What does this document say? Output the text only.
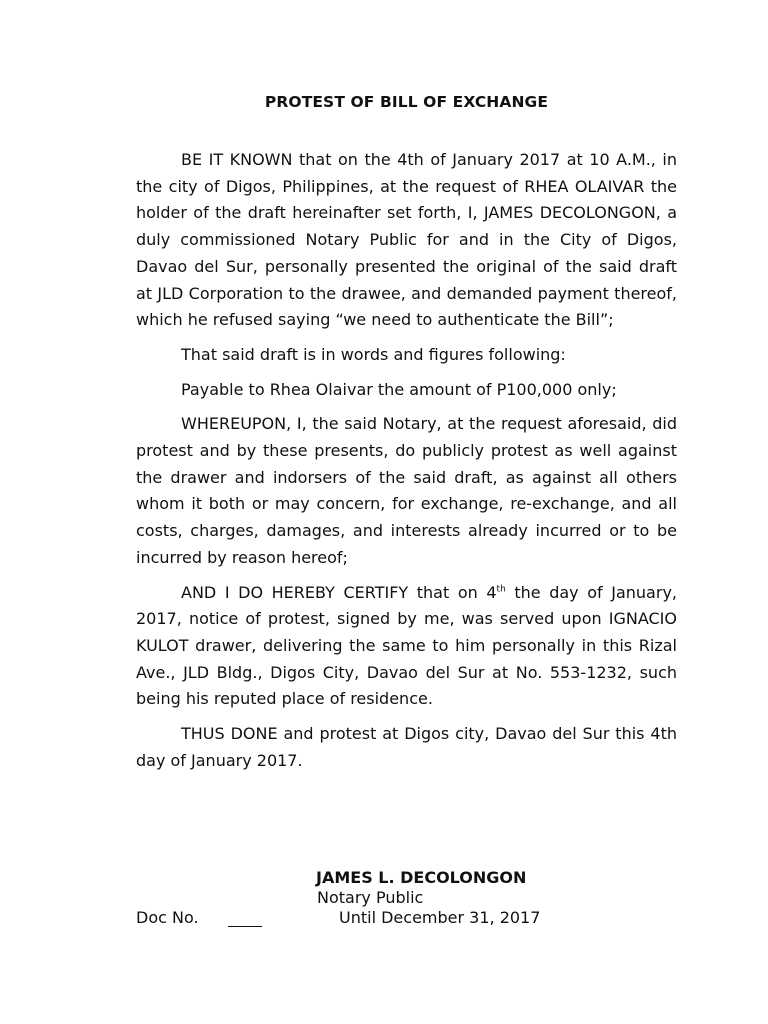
PROTEST OF BILL OF EXCHANGE

BE IT KNOWN that on the 4th of January 2017 at 10 A.M., in the city of Digos, Philippines, at the request of RHEA OLAIVAR the holder of the draft hereinafter set forth, I, JAMES DECOLONGON, a duly commissioned Notary Public for and in the City of Digos, Davao del Sur, personally presented the original of the said draft at JLD Corporation to the drawee, and demanded payment thereof, which he refused saying “we need to authenticate the Bill”;

That said draft is in words and figures following:

Payable to Rhea Olaivar the amount of P100,000 only;

WHEREUPON, I, the said Notary, at the request aforesaid, did protest and by these presents, do publicly protest as well against the drawer and indorsers of the said draft, as against all others whom it both or may concern, for exchange, re-exchange, and all costs, charges, damages, and interests already incurred or to be incurred by reason hereof;

AND I DO HEREBY CERTIFY that on 4th the day of January, 2017, notice of protest, signed by me, was served upon IGNACIO KULOT drawer, delivering the same to him personally in this Rizal Ave., JLD Bldg., Digos City, Davao del Sur at No. 553-1232, such being his reputed place of residence.

THUS DONE and protest at Digos city, Davao del Sur this 4th day of January 2017.

JAMES L. DECOLONGON
Notary Public
Doc No.	Until December 31, 2017
